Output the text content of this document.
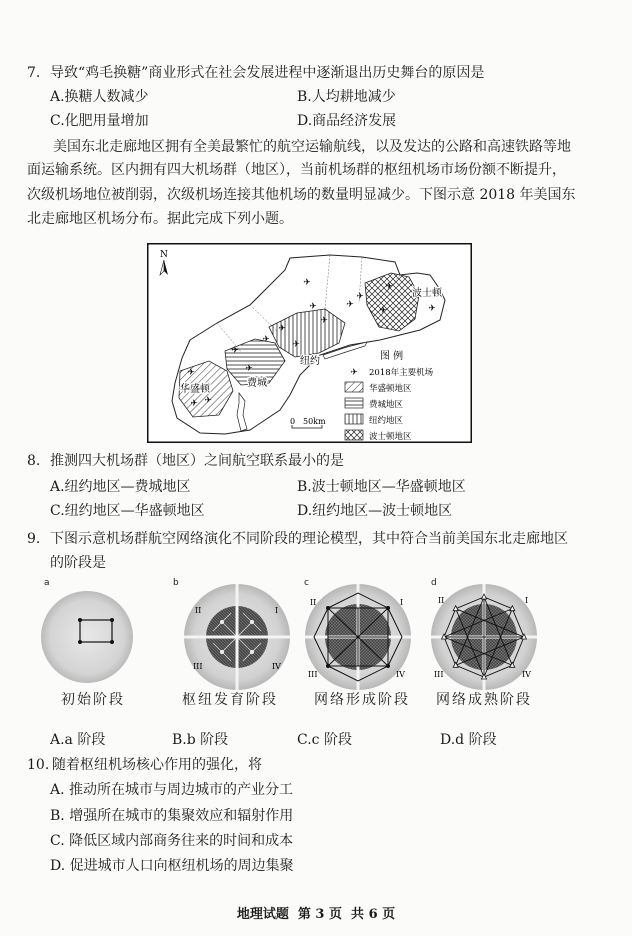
7. 导致“鸡毛换糖”商业形式在社会发展进程中逐渐退出历史舞台的原因是
A.换糖人数减少	B.人均耕地减少
C.化肥用量增加	D.商品经济发展
美国东北走廊地区拥有全美最繁忙的航空运输航线，以及发达的公路和高速铁路等地
面运输系统。区内拥有四大机场群（地区），当前机场群的枢纽机场市场份额不断提升，
次级机场地位被削弱，次级机场连接其他机场的数量明显减少。下图示意 2018 年美国东
北走廊地区机场分布。据此完成下列小题。
✈
✈
✈
✈
✈
✈
✈
✈
✈
✈
✈
✈
✈
✈
✈
✈
波士顿
纽约
费城
华盛顿
N
图 例
✈ 2018年主要机场
华盛顿地区
费城地区
纽约地区
波士顿地区
0 50km
8. 推测四大机场群（地区）之间航空联系最小的是
A.纽约地区—费城地区	B.波士顿地区—华盛顿地区
C.纽约地区—华盛顿地区	D.纽约地区—波士顿地区
9. 下图示意机场群航空网络演化不同阶段的理论模型，其中符合当前美国东北走廊地区
的阶段是
a
初始阶段
b
II	I
III	IV
枢纽发育阶段
c
II	I
III	IV
网络形成阶段
d
II	I
III	IV
网络成熟阶段
A.a 阶段	B.b 阶段	C.c 阶段	D.d 阶段
10. 随着枢纽机场核心作用的强化，将
A. 推动所在城市与周边城市的产业分工
B. 增强所在城市的集聚效应和辐射作用
C. 降低区域内部商务往来的时间和成本
D. 促进城市人口向枢纽机场的周边集聚
地理试题  第 3 页  共 6 页
